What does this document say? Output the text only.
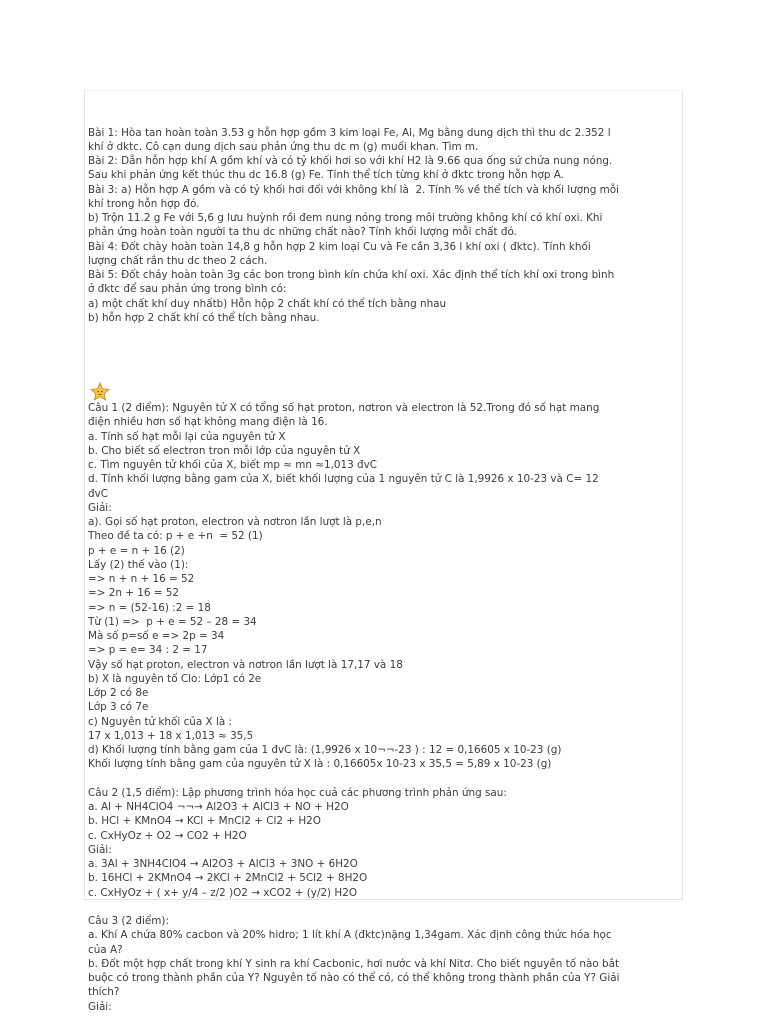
Bài 1: Hòa tan hoàn toàn 3.53 g hỗn hợp gồm 3 kim loại Fe, Al, Mg bằng dung dịch thì thu dc 2.352 l
khí ở dktc. Cô cạn dung dịch sau phản ứng thu dc m (g) muối khan. Tìm m.
Bài 2: Dẫn hỗn hợp khí A gồm khí và có tỷ khối hơi so với khí H2 là 9.66 qua ống sứ chứa nung nóng.
Sau khi phản ứng kết thúc thu dc 16.8 (g) Fe. Tính thể tích từng khí ở đktc trong hỗn hợp A.
Bài 3: a) Hỗn hợp A gồm và có tỷ khối hơi đối với không khí là  2. Tính % về thể tích và khối lượng mỗi
khí trong hỗn hợp đó.
b) Trộn 11.2 g Fe với 5,6 g lưu huỳnh rồi đem nung nóng trong môi trường không khí có khí oxi. Khi
phản ứng hoàn toàn người ta thu dc những chất nào? Tính khối lượng mỗi chất đó.
Bài 4: Đốt chày hoàn toàn 14,8 g hỗn hợp 2 kim loại Cu và Fe cần 3,36 l khí oxi ( đktc). Tính khối
lượng chất rắn thu dc theo 2 cách.
Bài 5: Đốt cháy hoàn toàn 3g các bon trong bình kín chứa khí oxi. Xác định thể tích khí oxi trong bình
ở đktc để sau phản ứng trong bình có:
a) một chất khí duy nhấtb) Hỗn hộp 2 chất khí có thể tích bằng nhau
b) hỗn hợp 2 chất khí có thể tích bằng nhau.

Câu 1 (2 điểm): Nguyên tử X có tổng số hạt proton, nơtron và electron là 52.Trong đó số hạt mang
điện nhiều hơn số hạt không mang điện là 16.
a. Tính số hạt mỗi lại của nguyên tử X
b. Cho biết số electron tron mỗi lớp của nguyên tử X
c. Tìm nguyên tử khối của X, biết mp ≈ mn ≈1,013 đvC
d. Tính khối lượng bằng gam của X, biết khối lượng của 1 nguyên tử C là 1,9926 x 10-23 và C= 12
đvC
Giải:
a). Gọi số hạt proton, electron và nơtron lần lượt là p,e,n
Theo đề ta có: p + e +n  = 52 (1)
p + e = n + 16 (2)
Lấy (2) thế vào (1):
=> n + n + 16 = 52
=> 2n + 16 = 52
=> n = (52-16) :2 = 18
Từ (1) =>  p + e = 52 – 28 = 34
Mà số p=số e => 2p = 34
=> p = e= 34 : 2 = 17
Vậy số hạt proton, electron và nơtron lần lượt là 17,17 và 18
b) X là nguyên tố Clo: Lớp1 có 2e
Lớp 2 có 8e
Lớp 3 có 7e
c) Nguyên tử khối của X là :
17 x 1,013 + 18 x 1,013 ≈ 35,5
d) Khối lượng tính bằng gam của 1 đvC là: (1,9926 x 10¬¬-23 ) : 12 = 0,16605 x 10-23 (g)
Khối lượng tính bằng gam của nguyên tử X là : 0,16605x 10-23 x 35,5 = 5,89 x 10-23 (g)
Câu 2 (1,5 điểm): Lập phương trình hóa học cuả các phương trình phản ứng sau:
a. Al + NH4ClO4 ¬¬→ Al2O3 + AlCl3 + NO + H2O
b. HCl + KMnO4 → KCl + MnCl2 + Cl2 + H2O
c. CxHyOz + O2 → CO2 + H2O
Giải:
a. 3Al + 3NH4ClO4 → Al2O3 + AlCl3 + 3NO + 6H2O
b. 16HCl + 2KMnO4 → 2KCl + 2MnCl2 + 5Cl2 + 8H2O
c. CxHyOz + ( x+ y/4 – z/2 )O2 → xCO2 + (y/2) H2O
Câu 3 (2 điểm):
a. Khí A chứa 80% cacbon và 20% hidro; 1 lít khí A (đktc)nặng 1,34gam. Xác định công thức hóa học
của A?
b. Đốt một hợp chất trong khí Y sinh ra khí Cacbonic, hơi nước và khí Nitơ. Cho biết nguyên tố nào bắt
buộc có trong thành phần của Y? Nguyên tố nào có thể có, có thể không trong thành phần của Y? Giải
thích?
Giải:
